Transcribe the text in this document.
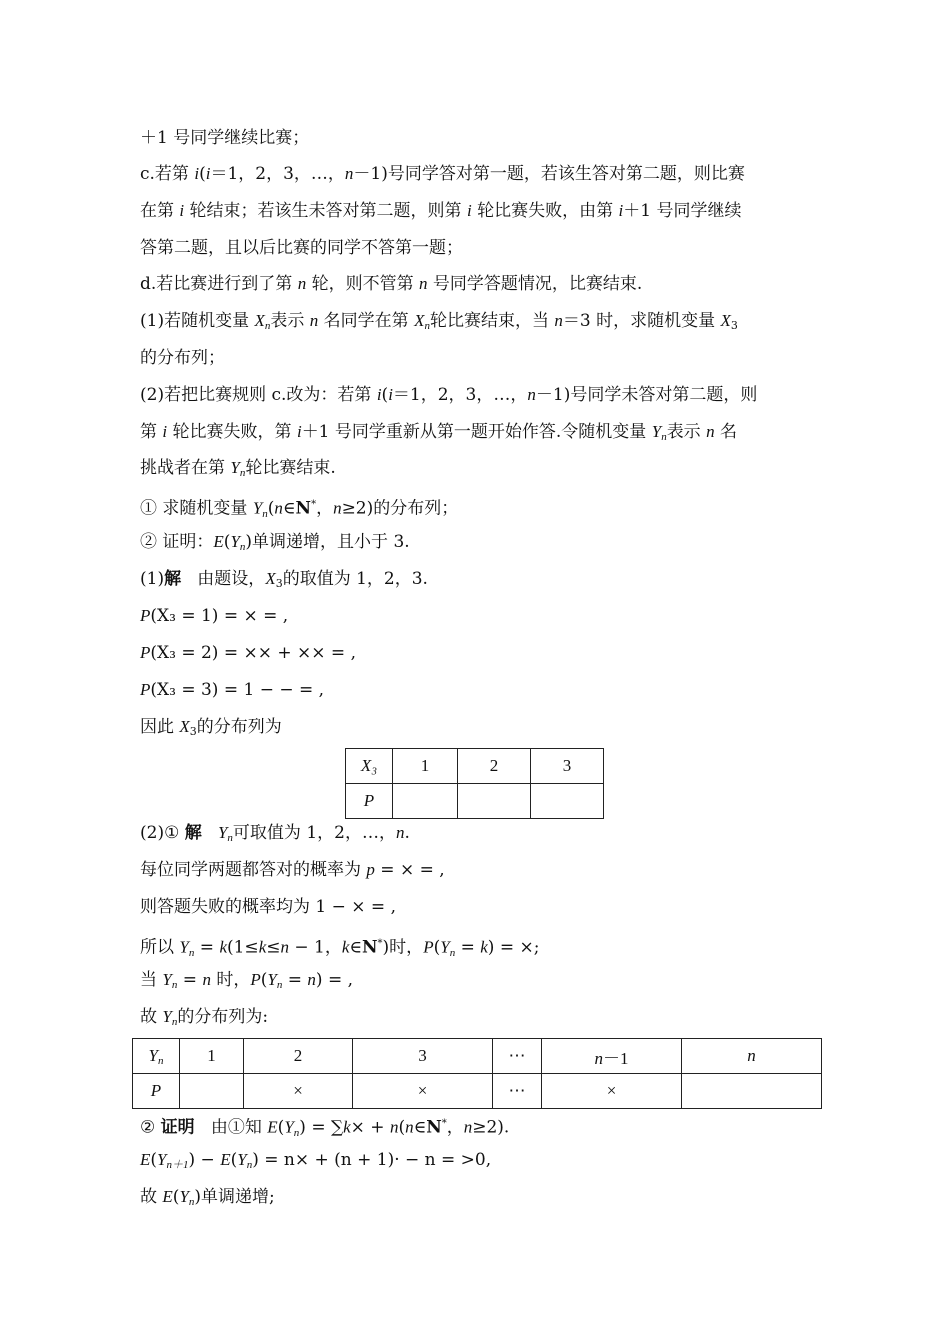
＋1 号同学继续比赛；
c.若第 i(i＝1，2，3，…，n－1)号同学答对第一题，若该生答对第二题，则比赛
在第 i 轮结束；若该生未答对第二题，则第 i 轮比赛失败，由第 i＋1 号同学继续
答第二题，且以后比赛的同学不答第一题；
d.若比赛进行到了第 n 轮，则不管第 n 号同学答题情况，比赛结束.
(1)若随机变量 $X_n$表示 n 名同学在第 $X_n$轮比赛结束，当 n＝3 时，求随机变量 $X_3$
的分布列；
(2)若把比赛规则 c.改为：若第 i(i＝1，2，3，…，n－1)号同学未答对第二题，则
第 i 轮比赛失败，第 i＋1 号同学重新从第一题开始作答.令随机变量 $Y_n$表示 n 名
挑战者在第 $Y_n$轮比赛结束.
① 求随机变量 $Y_n(n\in N^*$，n≥2)的分布列；
② 证明：$E(Y_n)$单调递增，且小于 3.
(1)解   由题设，$X_3$的取值为 1，2，3.
P(X₃ = 1) = × = ,
P(X₃ = 2) = ×× + ×× = ,
P(X₃ = 3) = 1 − − = ,
因此 $X_3$的分布列为
X₃	1	2	3
P			
(2)① 解 $Y_n$可取值为 1，2，…，n.
每位同学两题都答对的概率为 p = × = ,
则答题失败的概率均为 1 − × = ,
所以 $Y_n = k(1\le k\le n - 1$，k∈N*)时，$P(Y_n = k)$ = ×;
当 $Y_n = n$ 时，$P(Y_n = n)$ = ,
故 $Y_n$的分布列为:
$Y_n$	1	2	3	⋯	n－1	n
P		×	×	⋯	×	
② 证明   由①知 $E(Y_n) = \sum k\times$ + n(n∈N*，n≥2).
$E(Y_{n+1}) - E(Y_n) = n\times + (n + 1)\cdot - n = >0$,
故 $E(Y_n)$单调递增;
